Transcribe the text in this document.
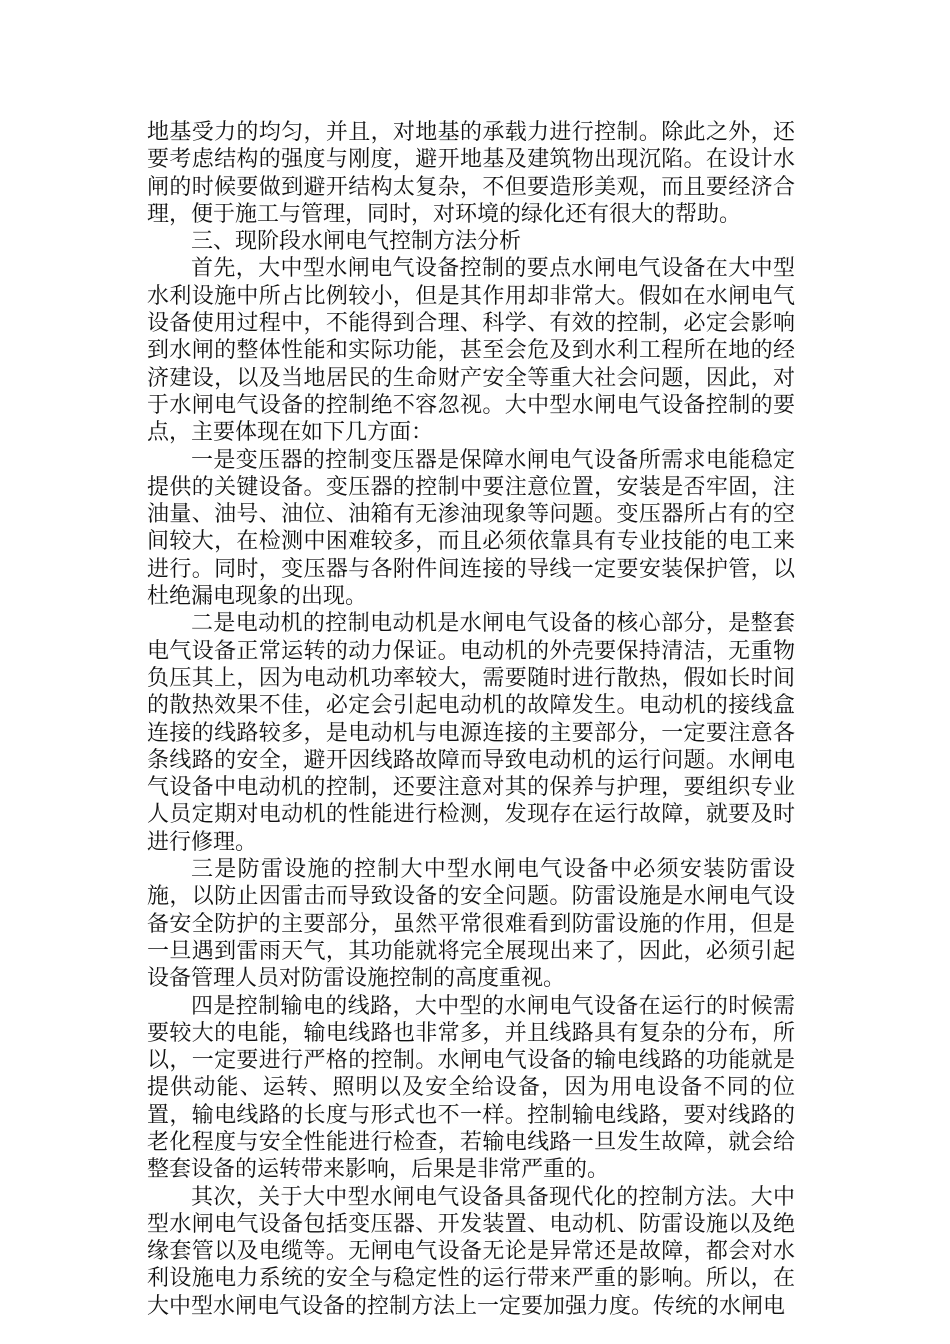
地基受力的均匀，并且，对地基的承载力进行控制。除此之外，还要考虑结构的强度与刚度，避开地基及建筑物出现沉陷。在设计水闸的时候要做到避开结构太复杂，不但要造形美观，而且要经济合理，便于施工与管理，同时，对环境的绿化还有很大的帮助。

三、现阶段水闸电气控制方法分析

首先，大中型水闸电气设备控制的要点水闸电气设备在大中型水利设施中所占比例较小，但是其作用却非常大。假如在水闸电气设备使用过程中，不能得到合理、科学、有效的控制，必定会影响到水闸的整体性能和实际功能，甚至会危及到水利工程所在地的经济建设，以及当地居民的生命财产安全等重大社会问题，因此，对于水闸电气设备的控制绝不容忽视。大中型水闸电气设备控制的要点，主要体现在如下几方面：

一是变压器的控制变压器是保障水闸电气设备所需求电能稳定提供的关键设备。变压器的控制中要注意位置，安装是否牢固，注油量、油号、油位、油箱有无渗油现象等问题。变压器所占有的空间较大，在检测中困难较多，而且必须依靠具有专业技能的电工来进行。同时，变压器与各附件间连接的导线一定要安装保护管，以杜绝漏电现象的出现。

二是电动机的控制电动机是水闸电气设备的核心部分，是整套电气设备正常运转的动力保证。电动机的外壳要保持清洁，无重物负压其上，因为电动机功率较大，需要随时进行散热，假如长时间的散热效果不佳，必定会引起电动机的故障发生。电动机的接线盒连接的线路较多，是电动机与电源连接的主要部分，一定要注意各条线路的安全，避开因线路故障而导致电动机的运行问题。水闸电气设备中电动机的控制，还要注意对其的保养与护理，要组织专业人员定期对电动机的性能进行检测，发现存在运行故障，就要及时进行修理。

三是防雷设施的控制大中型水闸电气设备中必须安装防雷设施，以防止因雷击而导致设备的安全问题。防雷设施是水闸电气设备安全防护的主要部分，虽然平常很难看到防雷设施的作用，但是一旦遇到雷雨天气，其功能就将完全展现出来了，因此，必须引起设备管理人员对防雷设施控制的高度重视。

四是控制输电的线路，大中型的水闸电气设备在运行的时候需要较大的电能，输电线路也非常多，并且线路具有复杂的分布，所以，一定要进行严格的控制。水闸电气设备的输电线路的功能就是提供动能、运转、照明以及安全给设备，因为用电设备不同的位置，输电线路的长度与形式也不一样。控制输电线路，要对线路的老化程度与安全性能进行检查，若输电线路一旦发生故障，就会给整套设备的运转带来影响，后果是非常严重的。

其次，关于大中型水闸电气设备具备现代化的控制方法。大中型水闸电气设备包括变压器、开发装置、电动机、防雷设施以及绝缘套管以及电缆等。无闸电气设备无论是异常还是故障，都会对水利设施电力系统的安全与稳定性的运行带来严重的影响。所以，在大中型水闸电气设备的控制方法上一定要加强力度。传统的水闸电
